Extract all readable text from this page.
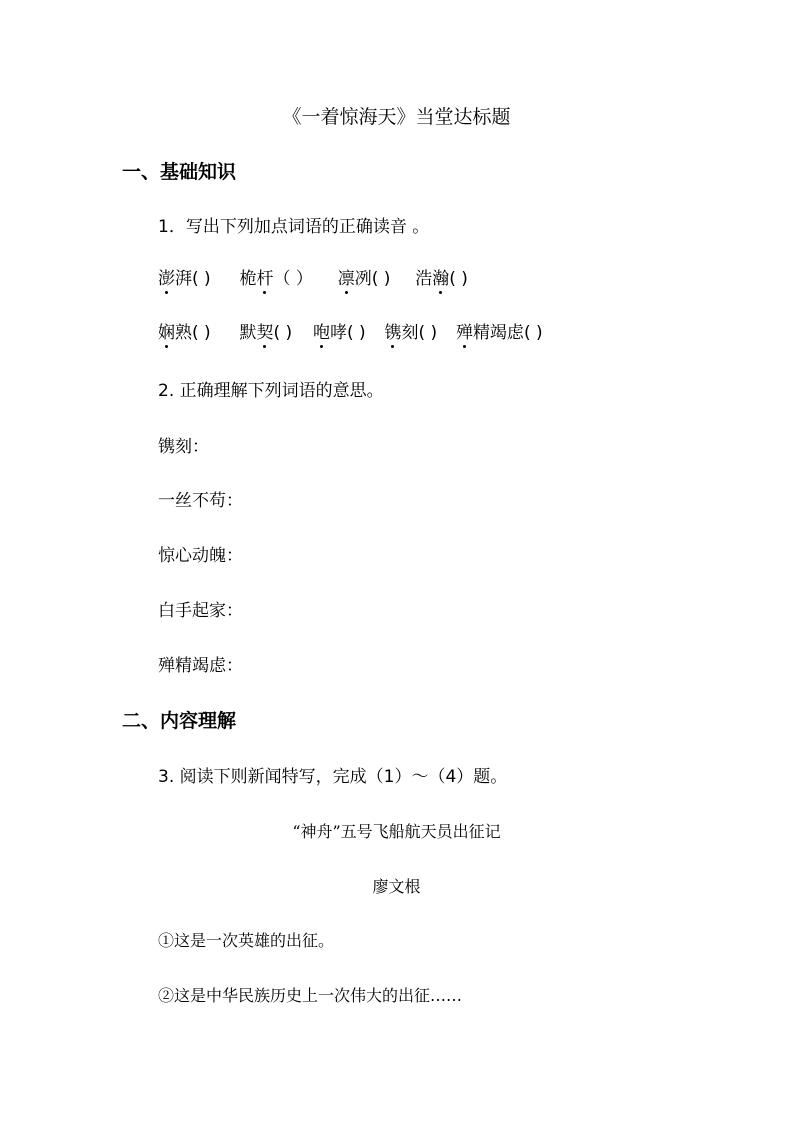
《一着惊海天》当堂达标题
一、基础知识
1．写出下列加点词语的正确读音 。
澎湃( ) 桅杆（ ） 凛冽( ) 浩瀚( )
娴熟( ) 默契( ) 咆哮( ) 镌刻( ) 殚精竭虑( )
2. 正确理解下列词语的意思。
镌刻：
一丝不苟：
惊心动魄：
白手起家：
殚精竭虑：
二、内容理解
3. 阅读下则新闻特写，完成（1）～（4）题。
“神舟”五号飞船航天员出征记
廖文根
①这是一次英雄的出征。
②这是中华民族历史上一次伟大的出征……
